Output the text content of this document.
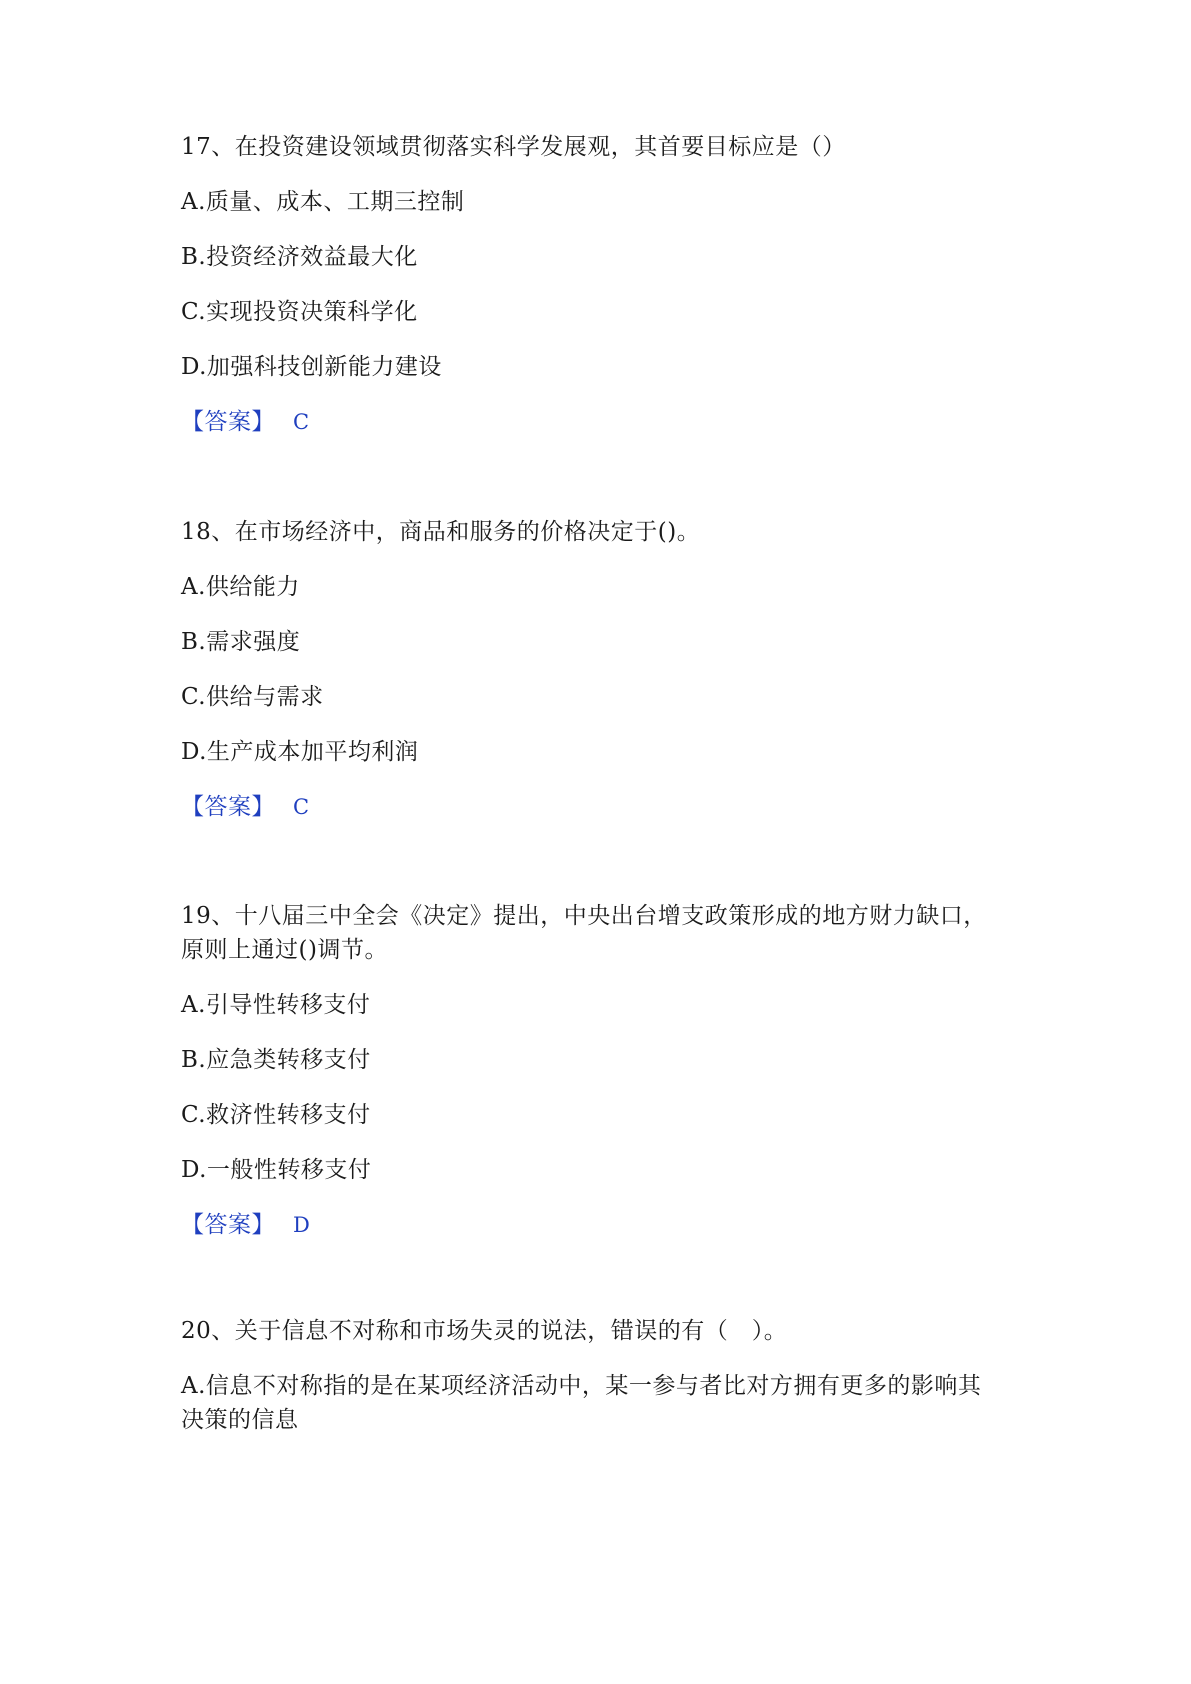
17、在投资建设领域贯彻落实科学发展观，其首要目标应是（）

A.质量、成本、工期三控制

B.投资经济效益最大化

C.实现投资决策科学化

D.加强科技创新能力建设

【答案】 C

18、在市场经济中，商品和服务的价格决定于()。

A.供给能力

B.需求强度

C.供给与需求

D.生产成本加平均利润

【答案】 C

19、十八届三中全会《决定》提出，中央出台增支政策形成的地方财力缺口，

原则上通过()调节。

A.引导性转移支付

B.应急类转移支付

C.救济性转移支付

D.一般性转移支付

【答案】 D

20、关于信息不对称和市场失灵的说法，错误的有（　）。

A.信息不对称指的是在某项经济活动中，某一参与者比对方拥有更多的影响其

决策的信息
